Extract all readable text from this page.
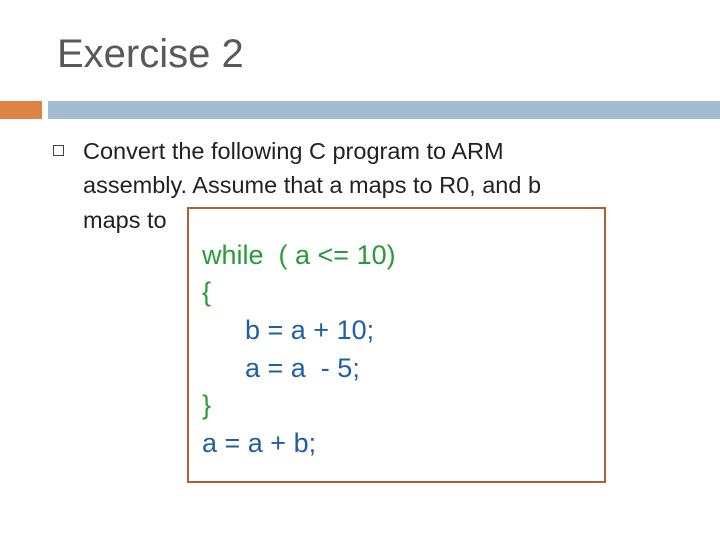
Exercise 2
Convert the following C program to ARM
assembly. Assume that a maps to R0, and b
maps to
while  ( a <= 10)
{
b = a + 10;
a = a  - 5;
}
a = a + b;
